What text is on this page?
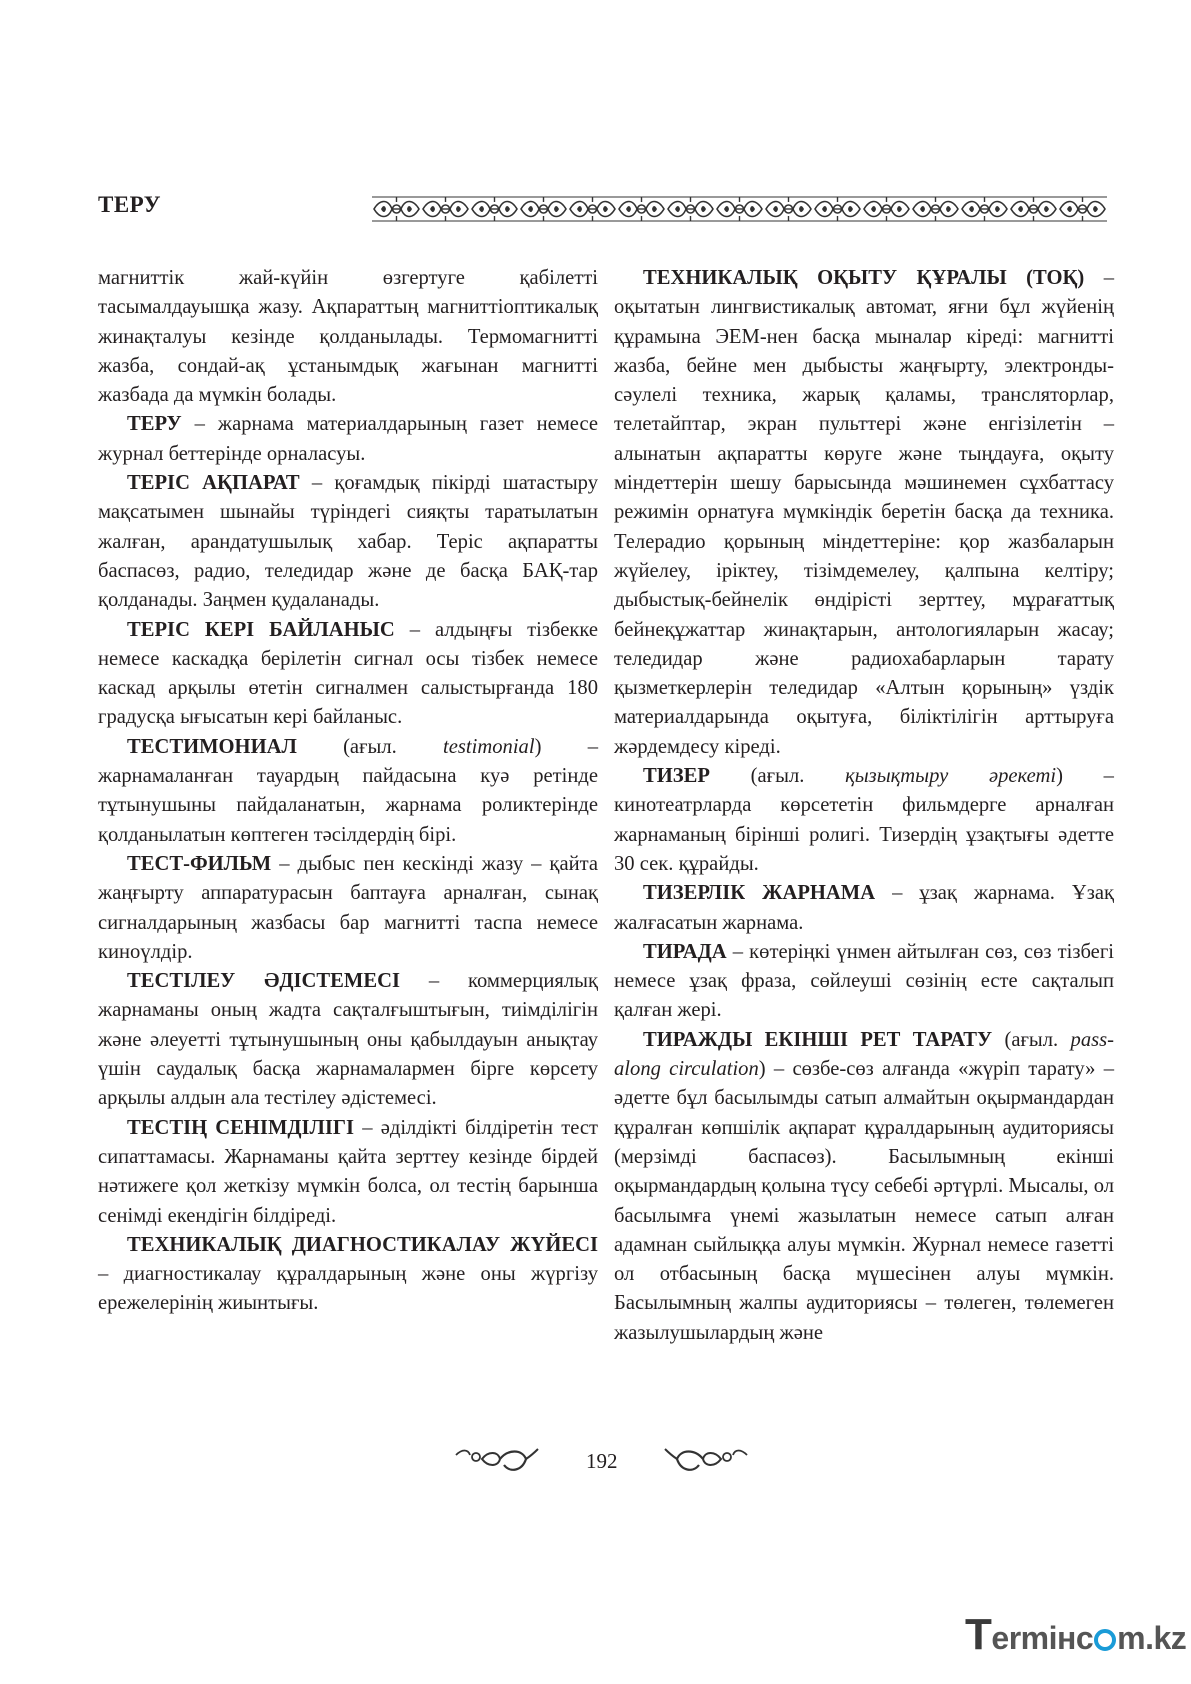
ТЕРУ

магниттік жай-күйін өзгертуге қабілетті тасымалдауышқа жазу. Ақпараттың магниттіоптикалық жинақталуы кезінде қолданылады. Термомагнитті жазба, сондай-ақ ұстанымдық жағынан магнитті жазбада да мүмкін болады.

ТЕРУ – жарнама материалдарының газет немесе журнал беттерінде орналасуы.

ТЕРІС АҚПАРАТ – қоғамдық пікірді шатастыру мақсатымен шынайы түріндегі сияқты таратылатын жалған, арандатушылық хабар. Теріс ақпаратты баспасөз, радио, теледидар және де басқа БАҚ-тар қолданады. Заңмен қудаланады.

ТЕРІС КЕРІ БАЙЛАНЫС – алдыңғы тізбекке немесе каскадқа берілетін сигнал осы тізбек немесе каскад арқылы өтетін сигналмен салыстырғанда 180 градусқа ығысатын кері байланыс.

ТЕСТИМОНИАЛ (ағыл. testimonial) – жарнамаланған тауардың пайдасына куә ретінде тұтынушыны пайдаланатын, жарнама роликтерінде қолданылатын көптеген тәсілдердің бірі.

ТЕСТ-ФИЛЬМ – дыбыс пен кескінді жазу – қайта жаңғырту аппаратурасын баптауға арналған, сынақ сигналдарының жазбасы бар магнитті таспа немесе киноүлдір.

ТЕСТІЛЕУ ӘДІСТЕМЕСІ – коммерциялық жарнаманы оның жадта сақталғыштығын, тиімділігін және әлеуетті тұтынушының оны қабылдауын анықтау үшін саудалық басқа жарнамалармен бірге көрсету арқылы алдын ала тестілеу әдістемесі.

ТЕСТІҢ СЕНІМДІЛІГІ – әділдікті білдіретін тест сипаттамасы. Жарнаманы қайта зерттеу кезінде бірдей нәтижеге қол жеткізу мүмкін болса, ол тестің барынша сенімді екендігін білдіреді.

ТЕХНИКАЛЫҚ ДИАГНОСТИКАЛАУ ЖҮЙЕСІ – диагностикалау құралдарының және оны жүргізу ережелерінің жиынтығы.

ТЕХНИКАЛЫҚ ОҚЫТУ ҚҰРАЛЫ (ТОҚ) – оқытатын лингвистикалық автомат, яғни бұл жүйенің құрамына ЭЕМ-нен басқа мыналар кіреді: магнитті жазба, бейне мен дыбысты жаңғырту, электронды-сәулелі техника, жарық қаламы, трансляторлар, телетайптар, экран пульттері және енгізілетін – алынатын ақпаратты көруге және тыңдауға, оқыту міндеттерін шешу барысында мәшинемен сұхбаттасу режимін орнатуға мүмкіндік беретін басқа да техника. Телерадио қорының міндеттеріне: қор жазбаларын жүйелеу, іріктеу, тізімдемелеу, қалпына келтіру; дыбыстық-бейнелік өндірісті зерттеу, мұрағаттық бейнеқұжаттар жинақтарын, антологияларын жасау; теледидар және радиохабарларын тарату қызметкерлерін теледидар «Алтын қорының» үздік материалдарында оқытуға, біліктілігін арттыруға жәрдемдесу кіреді.

ТИЗЕР (ағыл. қызықтыру әрекеті) – кинотеатрларда көрсететін фильмдерге арналған жарнаманың бірінші ролигі. Тизердің ұзақтығы әдетте 30 сек. құрайды.

ТИЗЕРЛІК ЖАРНАМА – ұзақ жарнама. Ұзақ жалғасатын жарнама.

ТИРАДА – көтеріңкі үнмен айтылған сөз, сөз тізбегі немесе ұзақ фраза, сөйлеуші сөзінің есте сақталып қалған жері.

ТИРАЖДЫ ЕКІНШІ РЕТ ТАРАТУ (ағыл. pass-along circulation) – сөзбе-сөз алғанда «жүріп тарату» – әдетте бұл басылымды сатып алмайтын оқырмандардан құралған көпшілік ақпарат құралдарының аудиториясы (мерзімді баспасөз). Басылымның екінші оқырмандардың қолына түсу себебі әртүрлі. Мысалы, ол басылымға үнемі жазылатын немесе сатып алған адамнан сыйлыққа алуы мүмкін. Журнал немесе газетті ол отбасының басқа мүшесінен алуы мүмкін. Басылымның жалпы аудиториясы – төлеген, төлемеген жазылушылардың және

192
Termінc m.kz
